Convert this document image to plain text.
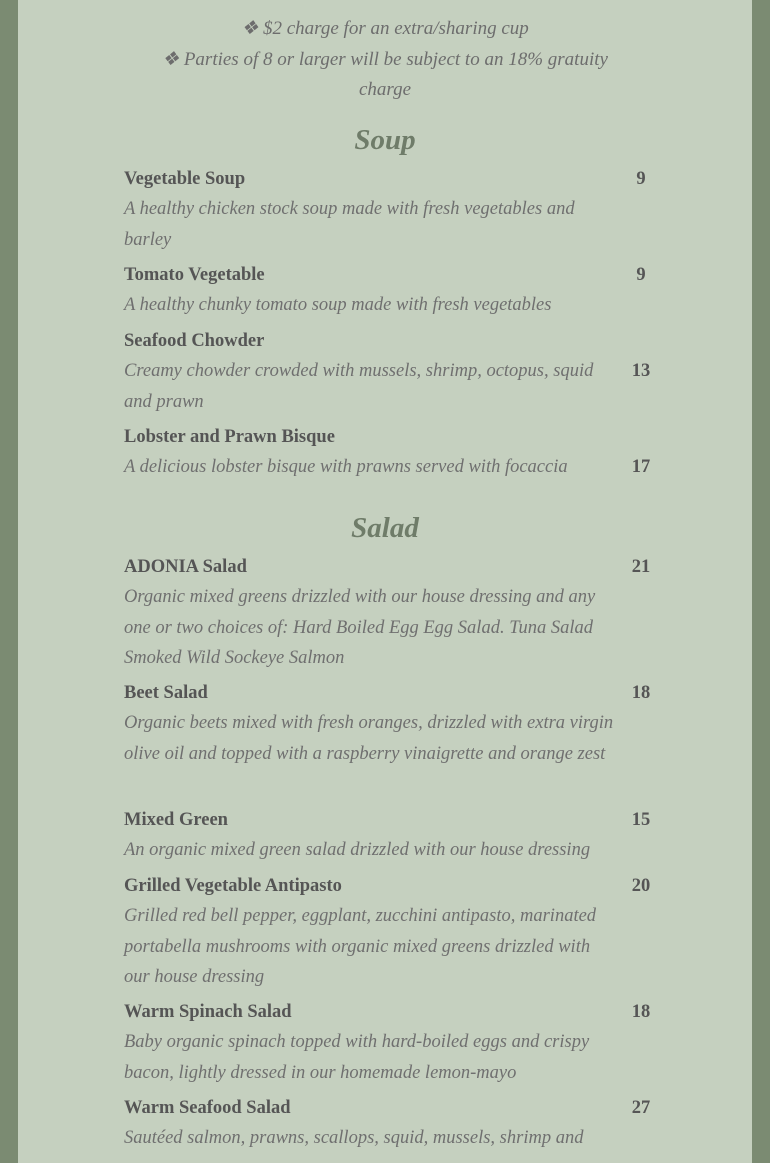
❖ $2 charge for an extra/sharing cup
❖ Parties of 8 or larger will be subject to an 18% gratuity charge
Soup
Vegetable Soup
A healthy chicken stock soup made with fresh vegetables and barley
9
Tomato Vegetable
A healthy chunky tomato soup made with fresh vegetables
9
Seafood Chowder
Creamy chowder crowded with mussels, shrimp, octopus, squid and prawn
13
Lobster and Prawn Bisque
A delicious lobster bisque with prawns served with focaccia	17
Salad
ADONIA Salad
Organic mixed greens drizzled with our house dressing and any one or two choices of: Hard Boiled Egg Egg Salad. Tuna Salad Smoked Wild Sockeye Salmon
21
Beet Salad
Organic beets mixed with fresh oranges, drizzled with extra virgin olive oil and topped with a raspberry vinaigrette and orange zest
18
Mixed Green
An organic mixed green salad drizzled with our house dressing
15
Grilled Vegetable Antipasto
Grilled red bell pepper, eggplant, zucchini antipasto, marinated portabella mushrooms with organic mixed greens drizzled with our house dressing
20
Warm Spinach Salad
Baby organic spinach topped with hard-boiled eggs and crispy bacon, lightly dressed in our homemade lemon-mayo
18
Warm Seafood Salad
Sautéed salmon, prawns, scallops, squid, mussels, shrimp and
27
